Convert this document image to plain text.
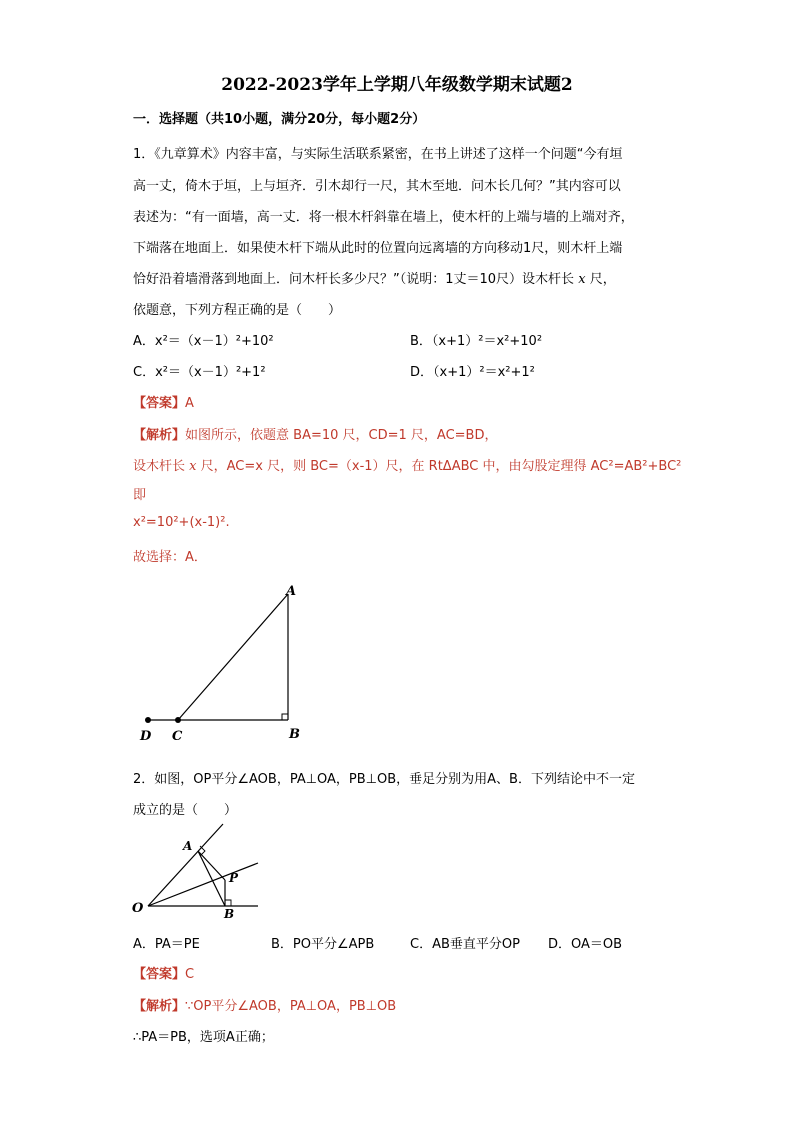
2022-2023学年上学期八年级数学期末试题2
一．选择题（共10小题，满分20分，每小题2分）
1．《九章算术》内容丰富，与实际生活联系紧密，在书上讲述了这样一个问题“今有垣
高一丈，倚木于垣，上与垣齐．引木却行一尺，其木至地．问木长几何？”其内容可以
表述为：“有一面墙，高一丈．将一根木杆斜靠在墙上，使木杆的上端与墙的上端对齐，
下端落在地面上．如果使木杆下端从此时的位置向远离墙的方向移动1尺，则木杆上端
恰好沿着墙滑落到地面上．问木杆长多少尺？”（说明：1丈＝10尺）设木杆长 x 尺，
依题意，下列方程正确的是（　　）
A．x²＝（x－1）²+10²	B．（x+1）²＝x²+10²
C．x²＝（x－1）²+1²	D．（x+1）²＝x²+1²
【答案】A
【解析】如图所示，依题意 BA=10 尺，CD=1 尺，AC=BD，
设木杆长 x 尺，AC=x 尺，则 BC=（x-1）尺，在 RtΔABC 中，由勾股定理得 AC²=AB²+BC²
即
x²=10²+(x-1)².
故选择：A．
A
B
C
D
2．如图，OP平分∠AOB，PA⊥OA，PB⊥OB，垂足分别为用A、B．下列结论中不一定
成立的是（　　）
O
A
P
B
A．PA＝PE	B．PO平分∠APB	C．AB垂直平分OP D．OA＝OB
【答案】C
【解析】∵OP平分∠AOB，PA⊥OA，PB⊥OB
∴PA＝PB，选项A正确；
